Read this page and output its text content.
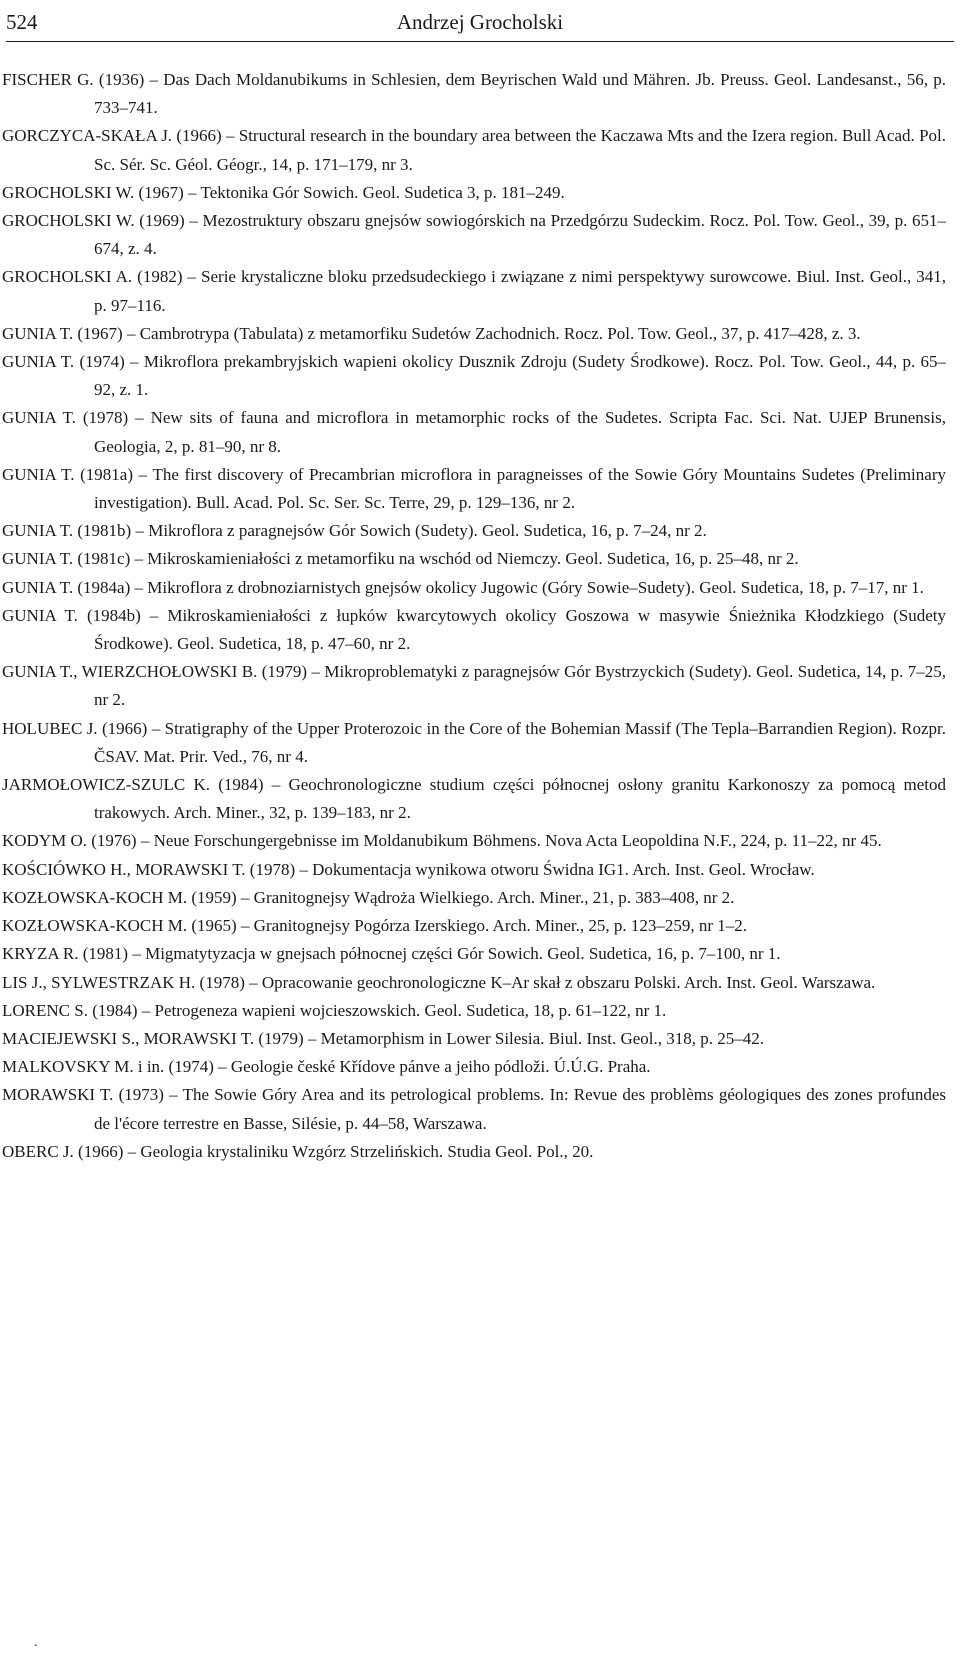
524	Andrzej Grocholski
FISCHER G. (1936) – Das Dach Moldanubikums in Schlesien, dem Beyrischen Wald und Mähren. Jb. Preuss. Geol. Landesanst., 56, p. 733–741.
GORCZYCA-SKAŁA J. (1966) – Structural research in the boundary area between the Kaczawa Mts and the Izera region. Bull Acad. Pol. Sc. Sér. Sc. Géol. Géogr., 14, p. 171–179, nr 3.
GROCHOLSKI W. (1967) – Tektonika Gór Sowich. Geol. Sudetica 3, p. 181–249.
GROCHOLSKI W. (1969) – Mezostruktury obszaru gnejsów sowiogórskich na Przedgórzu Sudeckim. Rocz. Pol. Tow. Geol., 39, p. 651–674, z. 4.
GROCHOLSKI A. (1982) – Serie krystaliczne bloku przedsudeckiego i związane z nimi perspektywy surowcowe. Biul. Inst. Geol., 341, p. 97–116.
GUNIA T. (1967) – Cambrotrypa (Tabulata) z metamorfiku Sudetów Zachodnich. Rocz. Pol. Tow. Geol., 37, p. 417–428, z. 3.
GUNIA T. (1974) – Mikroflora prekambryjskich wapieni okolicy Dusznik Zdroju (Sudety Środkowe). Rocz. Pol. Tow. Geol., 44, p. 65–92, z. 1.
GUNIA T. (1978) – New sits of fauna and microflora in metamorphic rocks of the Sudetes. Scripta Fac. Sci. Nat. UJEP Brunensis, Geologia, 2, p. 81–90, nr 8.
GUNIA T. (1981a) – The first discovery of Precambrian microflora in paragneisses of the Sowie Góry Mountains Sudetes (Preliminary investigation). Bull. Acad. Pol. Sc. Ser. Sc. Terre, 29, p. 129–136, nr 2.
GUNIA T. (1981b) – Mikroflora z paragnejsów Gór Sowich (Sudety). Geol. Sudetica, 16, p. 7–24, nr 2.
GUNIA T. (1981c) – Mikroskamieniałości z metamorfiku na wschód od Niemczy. Geol. Sudetica, 16, p. 25–48, nr 2.
GUNIA T. (1984a) – Mikroflora z drobnoziarnistych gnejsów okolicy Jugowic (Góry Sowie–Sudety). Geol. Sudetica, 18, p. 7–17, nr 1.
GUNIA T. (1984b) – Mikroskamieniałości z łupków kwarcytowych okolicy Goszowa w masywie Śnieżnika Kłodzkiego (Sudety Środkowe). Geol. Sudetica, 18, p. 47–60, nr 2.
GUNIA T., WIERZCHOŁOWSKI B. (1979) – Mikroproblematyki z paragnejsów Gór Bystrzyckich (Sudety). Geol. Sudetica, 14, p. 7–25, nr 2.
HOLUBEC J. (1966) – Stratigraphy of the Upper Proterozoic in the Core of the Bohemian Massif (The Tepla–Barrandien Region). Rozpr. ČSAV. Mat. Prir. Ved., 76, nr 4.
JARMOŁOWICZ-SZULC K. (1984) – Geochronologiczne studium części północnej osłony granitu Karkonoszy za pomocą metod trakowych. Arch. Miner., 32, p. 139–183, nr 2.
KODYM O. (1976) – Neue Forschungergebnisse im Moldanubikum Böhmens. Nova Acta Leopoldina N.F., 224, p. 11–22, nr 45.
KOŚCIÓWKO H., MORAWSKI T. (1978) – Dokumentacja wynikowa otworu Świdna IG1. Arch. Inst. Geol. Wrocław.
KOZŁOWSKA-KOCH M. (1959) – Granitognejsy Wądroża Wielkiego. Arch. Miner., 21, p. 383–408, nr 2.
KOZŁOWSKA-KOCH M. (1965) – Granitognejsy Pogórza Izerskiego. Arch. Miner., 25, p. 123–259, nr 1–2.
KRYZA R. (1981) – Migmatytyzacja w gnejsach północnej części Gór Sowich. Geol. Sudetica, 16, p. 7–100, nr 1.
LIS J., SYLWESTRZAK H. (1978) – Opracowanie geochronologiczne K–Ar skał z obszaru Polski. Arch. Inst. Geol. Warszawa.
LORENC S. (1984) – Petrogeneza wapieni wojcieszowskich. Geol. Sudetica, 18, p. 61–122, nr 1.
MACIEJEWSKI S., MORAWSKI T. (1979) – Metamorphism in Lower Silesia. Biul. Inst. Geol., 318, p. 25–42.
MALKOVSKY M. i in. (1974) – Geologie české Křídove pánve a jeiho pódloži. Ú.Ú.G. Praha.
MORAWSKI T. (1973) – The Sowie Góry Area and its petrological problems. In: Revue des problèms géologiques des zones profundes de l'écore terrestre en Basse, Silésie, p. 44–58, Warszawa.
OBERC J. (1966) – Geologia krystaliniku Wzgórz Strzelińskich. Studia Geol. Pol., 20.
.
